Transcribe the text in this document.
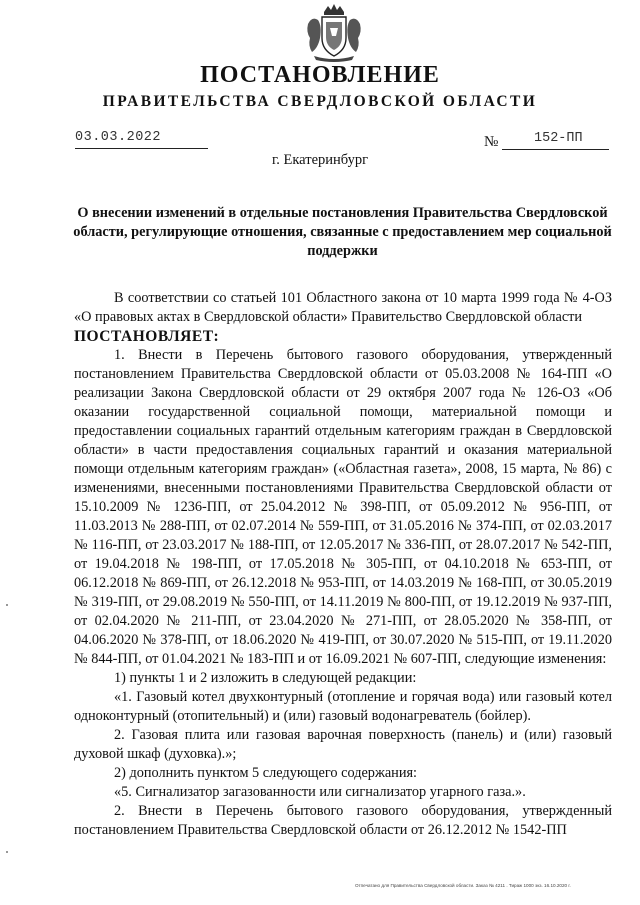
ПОСТАНОВЛЕНИЕ
ПРАВИТЕЛЬСТВА СВЕРДЛОВСКОЙ ОБЛАСТИ
03.03.2022	№	152-ПП
г. Екатеринбург
О внесении изменений в отдельные постановления Правительства Свердловской области, регулирующие отношения, связанные с предоставлением мер социальной поддержки

В соответствии со статьей 101 Областного закона от 10 марта 1999 года № 4-ОЗ «О правовых актах в Свердловской области» Правительство Свердловской области

ПОСТАНОВЛЯЕТ:

1. Внести в Перечень бытового газового оборудования, утвержденный постановлением Правительства Свердловской области от 05.03.2008 № 164-ПП «О реализации Закона Свердловской области от 29 октября 2007 года № 126-ОЗ «Об оказании государственной социальной помощи, материальной помощи и предоставлении социальных гарантий отдельным категориям граждан в Свердловской области» в части предоставления социальных гарантий и оказания материальной помощи отдельным категориям граждан» («Областная газета», 2008, 15 марта, № 86) с изменениями, внесенными постановлениями Правительства Свердловской области от 15.10.2009 № 1236-ПП, от 25.04.2012 № 398-ПП, от 05.09.2012 № 956-ПП, от 11.03.2013 № 288-ПП, от 02.07.2014 № 559-ПП, от 31.05.2016 № 374-ПП, от 02.03.2017 № 116-ПП, от 23.03.2017 № 188-ПП, от 12.05.2017 № 336-ПП, от 28.07.2017 № 542-ПП, от 19.04.2018 № 198-ПП, от 17.05.2018 № 305-ПП, от 04.10.2018 № 653-ПП, от 06.12.2018 № 869-ПП, от 26.12.2018 № 953-ПП, от 14.03.2019 № 168-ПП, от 30.05.2019 № 319-ПП, от 29.08.2019 № 550-ПП, от 14.11.2019 № 800-ПП, от 19.12.2019 № 937-ПП, от 02.04.2020 № 211-ПП, от 23.04.2020 № 271-ПП, от 28.05.2020 № 358-ПП, от 04.06.2020 № 378-ПП, от 18.06.2020 № 419-ПП, от 30.07.2020 № 515-ПП, от 19.11.2020 № 844-ПП, от 01.04.2021 № 183-ПП и от 16.09.2021 № 607-ПП, следующие изменения:

1) пункты 1 и 2 изложить в следующей редакции:

«1. Газовый котел двухконтурный (отопление и горячая вода) или газовый котел одноконтурный (отопительный) и (или) газовый водонагреватель (бойлер).

2. Газовая плита или газовая варочная поверхность (панель) и (или) газовый духовой шкаф (духовка).»;

2) дополнить пунктом 5 следующего содержания:

«5. Сигнализатор загазованности или сигнализатор угарного газа.».

2. Внести в Перечень бытового газового оборудования, утвержденный постановлением Правительства Свердловской области от 26.12.2012 № 1542-ПП

Отпечатано для Правительства Свердловской области. Заказ № 4211 . Тираж 1000 экз. 16.10.2020 г.
